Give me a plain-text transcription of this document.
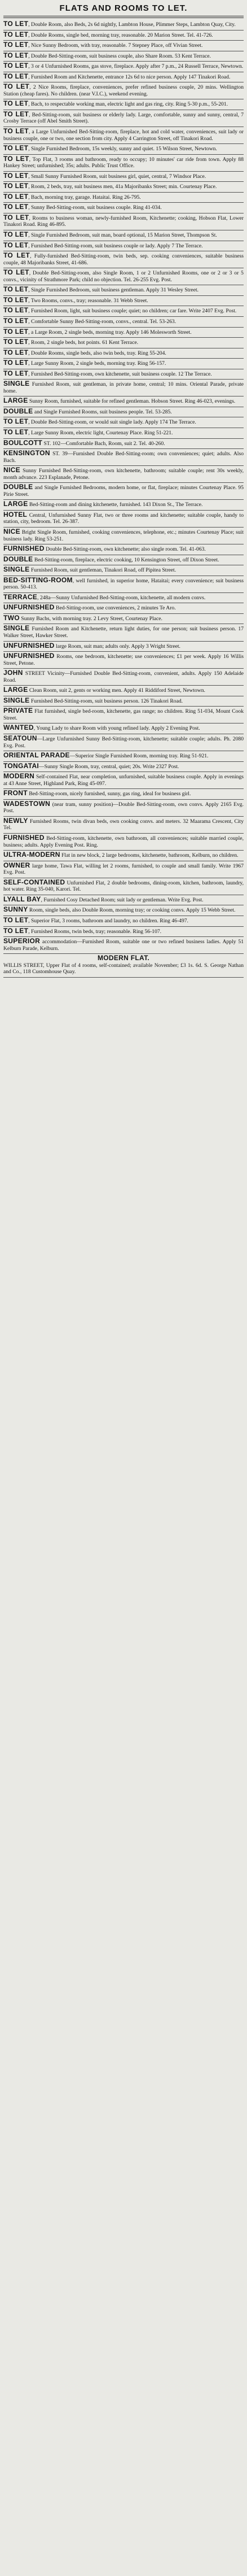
FLATS AND ROOMS TO LET.

TO LET, Double Room, also Beds, 2s 6d nightly, Lambton House, Plimmer Steps, Lambton Quay, City.

TO LET, Double Rooms, single bed, morning tray, reasonable. 20 Marion Street. Tel. 41-726.

TO LET, Nice Sunny Bedroom, with tray, reasonable. 7 Stepney Place, off Vivian Street.

TO LET, Double Bed-Sitting-room, suit business couple, also Share Room. 53 Kent Terrace.

TO LET, 3 or 4 Unfurnished Rooms, gas stove, fireplace. Apply after 7 p.m., 24 Russell Terrace, Newtown.

TO LET, Furnished Room and Kitchenette, entrance 12s 6d to nice person. Apply 147 Tinakori Road.

TO LET, 2 Nice Rooms, fireplace, conveniences, prefer refined business couple, 20 mins. Wellington Station (cheap fares). No children. (near V.I.C.), weekend evening.

TO LET, Bach, to respectable working man, electric light and gas ring, city. Ring 5-30 p.m., 55-201.

TO LET, Bed-Sitting-room, suit business or elderly lady. Large, comfortable, sunny and sunny, central, 7 Crosby Terrace (off Abel Smith Street).

TO LET, a Large Unfurnished Bed-Sitting-room, fireplace, hot and cold water, conveniences, suit lady or business couple, one or two, one section from city. Apply 4 Carrington Street, off Tinakori Road.

TO LET, Single Furnished Bedroom, 15s weekly, sunny and quiet. 15 Wilson Street, Newtown.

TO LET, Top Flat, 3 rooms and bathroom, ready to occupy; 10 minutes' car ride from town. Apply 88 Hankey Street; unfurnished; 35s; adults. Public Trust Office.

TO LET, Small Sunny Furnished Room, suit business girl, quiet, central, 7 Windsor Place.

TO LET, Room, 2 beds, tray, suit business men, 41a Majoribanks Street; min. Courtenay Place.

TO LET, Bach, morning tray, garage. Hataitai. Ring 26-795.

TO LET, Sunny Bed-Sitting-room, suit business couple. Ring 41-034.

TO LET, Rooms to business woman, newly-furnished Room, Kitchenette; cooking, Hobson Flat, Lower Tinakori Road. Ring 46-895.

TO LET, Single Furnished Bedroom, suit man, board optional, 15 Marion Street, Thompson St.

TO LET, Furnished Bed-Sitting-room, suit business couple or lady. Apply 7 The Terrace.

TO LET, Fully-furnished Bed-Sitting-room, twin beds, sep. cooking conveniences, suitable business couple, 48 Majoribanks Street, 41-686.

TO LET, Double Bed-Sitting-room, also Single Room, 1 or 2 Unfurnished Rooms, one or 2 or 3 or 5 convs., vicinity of Strathmore Park; child no objection. Tel. 26-255 Evg. Post.

TO LET, Single Furnished Bedroom, suit business gentleman. Apply 31 Wesley Street.

TO LET, Two Rooms, convs., tray; reasonable. 31 Webb Street.

TO LET, Furnished Room, light, suit business couple; quiet; no children; car fare. Write 2407 Evg. Post.

TO LET, Comfortable Sunny Bed-Sitting-room, convs., central. Tel. 53-263.

TO LET, a Large Room, 2 single beds, morning tray. Apply 146 Molesworth Street.

TO LET, Room, 2 single beds, hot points. 61 Kent Terrace.

TO LET, Double Rooms, single beds, also twin beds, tray. Ring 55-204.

TO LET, Large Sunny Room, 2 single beds, morning tray. Ring 56-157.

TO LET, Furnished Bed-Sitting-room, own kitchenette, suit business couple. 12 The Terrace.

SINGLE Furnished Room, suit gentleman, in private home, central; 10 mins. Oriental Parade, private home.

LARGE Sunny Room, furnished, suitable for refined gentleman. Hobson Street. Ring 46-023, evenings.

DOUBLE and Single Furnished Rooms, suit business people. Tel. 53-285.

TO LET, Double Bed-Sitting-room, or would suit single lady. Apply 174 The Terrace.

TO LET, Large Sunny Room, electric light, Courtenay Place. Ring 51-221.

BOULCOTT ST. 102—Comfortable Bach, Room, suit 2. Tel. 40-260.

KENSINGTON ST. 39—Furnished Double Bed-Sitting-room; own conveniences; quiet; adults. Also Bach.

NICE Sunny Furnished Bed-Sitting-room, own kitchenette, bathroom; suitable couple; rent 30s weekly, month advance. 223 Esplanade, Petone.

DOUBLE and Single Furnished Bedrooms, modern home, or flat, fireplace; minutes Courtenay Place. 95 Pirie Street.

LARGE Bed-Sitting-room and dining kitchenette, furnished. 143 Dixon St., The Terrace.

HOTEL Central, Unfurnished Sunny Flat, two or three rooms and kitchenette; suitable couple, handy to station, city, bedroom. Tel. 26-387.

NICE Bright Single Room, furnished, cooking conveniences, telephone, etc.; minutes Courtenay Place; suit business lady. Ring 53-251.

FURNISHED Double Bed-Sitting-room, own kitchenette; also single room. Tel. 41-063.

DOUBLE Bed-Sitting-room, fireplace, electric cooking, 10 Kensington Street, off Dixon Street.

SINGLE Furnished Room, suit gentleman, Tinakori Road, off Pipitea Street.

BED-SITTING-ROOM, well furnished, in superior home, Hataitai; every convenience; suit business person. 50-413.

TERRACE, 248a—Sunny Unfurnished Bed-Sitting-room, kitchenette, all modern convs.

UNFURNISHED Bed-Sitting-room, use conveniences, 2 minutes Te Aro.

TWO Sunny Bachs, with morning tray. 2 Levy Street, Courtenay Place.

SINGLE Furnished Room and Kitchenette, return light duties, for one person; suit business person. 17 Walker Street, Hawker Street.

UNFURNISHED large Room, suit man; adults only. Apply 3 Wright Street.

UNFURNISHED Rooms, one bedroom, kitchenette; use conveniences; £1 per week. Apply 16 Willis Street, Petone.

JOHN STREET Vicinity—Furnished Double Bed-Sitting-room, convenient, adults. Apply 150 Adelaide Road.

LARGE Clean Room, suit 2, gents or working men. Apply 41 Riddiford Street, Newtown.

SINGLE Furnished Bed-Sitting-room, suit business person. 126 Tinakori Road.

PRIVATE Flat furnished, single bed-room, kitchenette, gas range; no children. Ring 51-034, Mount Cook Street.

WANTED, Young Lady to share Room with young refined lady. Apply 2 Evening Post.

SEATOUN—Large Unfurnished Sunny Bed-Sitting-room, kitchenette; suitable couple; adults. Ph. 2080 Evg. Post.

ORIENTAL PARADE—Superior Single Furnished Room, morning tray. Ring 51-921.

TONGATAI—Sunny Single Room, tray, central, quiet; 20s. Write 2327 Post.

MODERN Self-contained Flat, near completion, unfurnished, suitable business couple. Apply in evenings at 43 Anne Street, Highland Park, Ring 45-097.

FRONT Bed-Sitting-room, nicely furnished, sunny, gas ring, ideal for business girl.

WADESTOWN (near tram, sunny position)—Double Bed-Sitting-room, own convs. Apply 2165 Evg. Post.

NEWLY Furnished Rooms, twin divan beds, own cooking convs. and meters. 32 Maarama Crescent, City Tel.

FURNISHED Bed-Sitting-room, kitchenette, own bathroom, all conveniences; suitable married couple, business; adults. Apply Evening Post. Ring.

ULTRA-MODERN Flat in new block, 2 large bedrooms, kitchenette, bathroom, Kelburn, no children.

OWNER large home, Tawa Flat, willing let 2 rooms, furnished, to couple and small family. Write 1967 Evg. Post.

SELF-CONTAINED Unfurnished Flat, 2 double bedrooms, dining-room, kitchen, bathroom, laundry, hot water. Ring 35-040, Karori. Tel.

LYALL BAY, Furnished Cosy Detached Room; suit lady or gentleman. Write Evg. Post.

SUNNY Room, single beds, also Double Room, morning tray; or cooking convs. Apply 15 Webb Street.

TO LET, Superior Flat, 3 rooms, bathroom and laundry, no children. Ring 46-497.

TO LET, Furnished Rooms, twin beds, tray; reasonable. Ring 56-107.

SUPERIOR accommodation—Furnished Room, suitable one or two refined business ladies. Apply 51 Kelburn Parade, Kelburn.

MODERN FLAT.
WILLIS STREET, Upper Flat of 4 rooms, self-contained; available November; £3 1s. 6d. S. George Nathan and Co., 118 Customhouse Quay.
